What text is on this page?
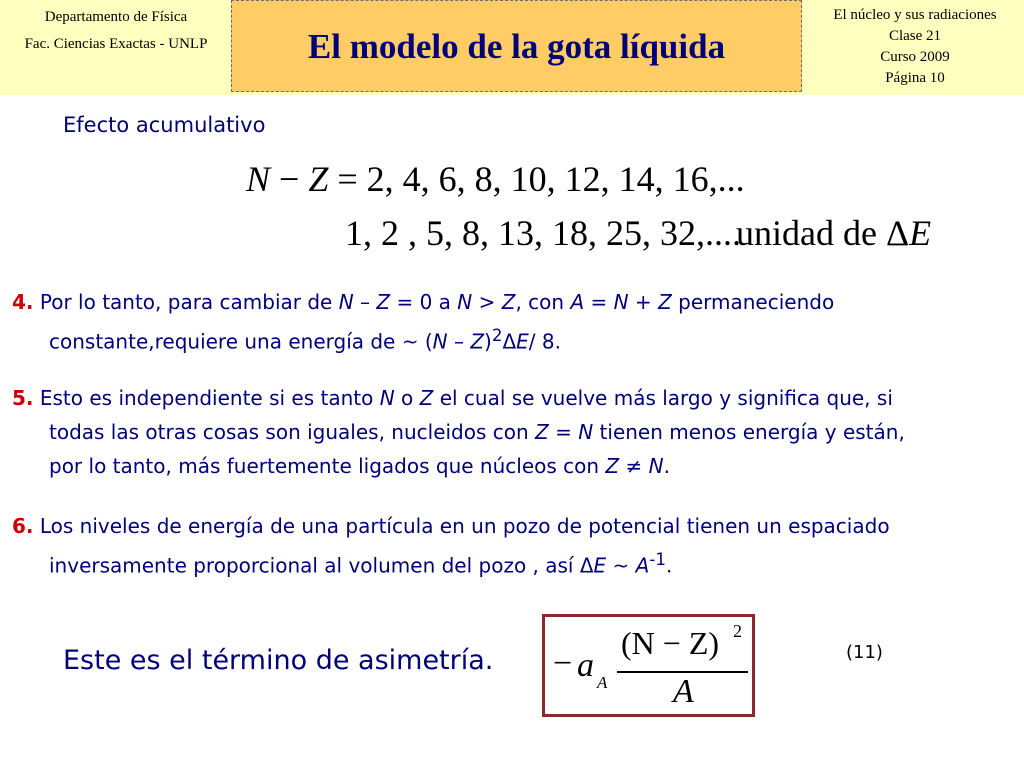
Departamento de Física
Fac. Ciencias Exactas - UNLP	El modelo de la gota líquida
El núcleo y sus radiaciones
Clase 21
Curso 2009
Página 10
Efecto acumulativo
N − Z = 2, 4, 6, 8, 10, 12, 14, 16,...
1, 2 , 5, 8, 13, 18, 25, 32,....
unidad de ΔE
4. Por lo tanto, para cambiar de N – Z = 0 a N > Z, con A = N + Z permaneciendo
constante,requiere una energía de ~ (N – Z)$^2$ΔE/ 8.
5. Esto es independiente si es tanto N o Z el cual se vuelve más largo y significa que, si
todas las otras cosas son iguales, nucleidos con Z = N tienen menos energía y están,
por lo tanto, más fuertemente ligados que núcleos con Z ≠ N.
6. Los niveles de energía de una partícula en un pozo de potencial tienen un espaciado
inversamente proporcional al volumen del pozo , así ΔE ~ $A^{-1}$.
Este es el término de asimetría. − a A
(N − Z) 2
A
(11)
